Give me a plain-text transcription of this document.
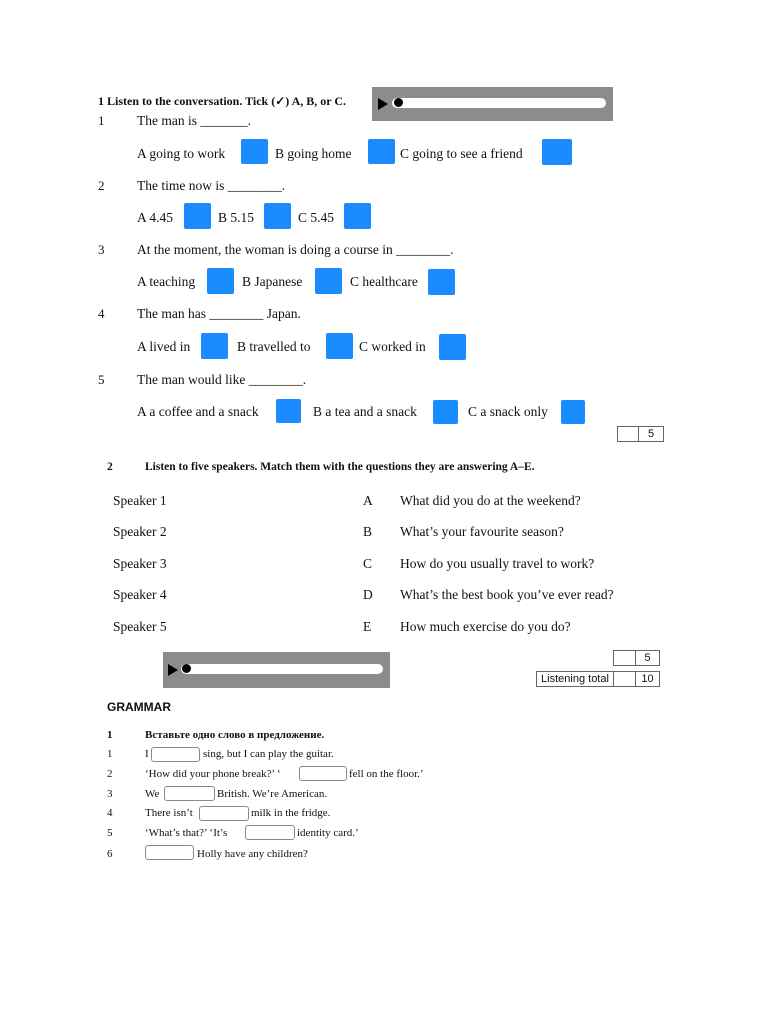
1 Listen to the conversation. Tick (✓) A, B, or C.
1 The man is _______.
A going to work	B going home	C going to see a friend
2 The time now is ________.
A 4.45	B 5.15	C 5.45
3 At the moment, the woman is doing a course in ________.
A teaching	B Japanese	C healthcare
4 The man has ________ Japan.
A lived in	B travelled to	C worked in
5 The man would like ________.
A a coffee and a snack	B a tea and a snack	C a snack only
5
2	Listen to five speakers. Match them with the questions they are answering A–E.
Speaker 1	A What did you do at the weekend?
Speaker 2	B What’s your favourite season?
Speaker 3	C How do you usually travel to work?
Speaker 4	D What’s the best book you’ve ever read?
Speaker 5	E How much exercise do you do?
5
Listening total	10
GRAMMAR
1	Вставьте одно слово в предложение.
1	I	sing, but I can play the guitar.
2	‘How did your phone break?’ ‘	fell on the floor.’
3	We	British. We’re American.
4	There isn’t	milk in the fridge.
5	‘What’s that?’ ‘It’s	identity card.’
6	Holly have any children?
